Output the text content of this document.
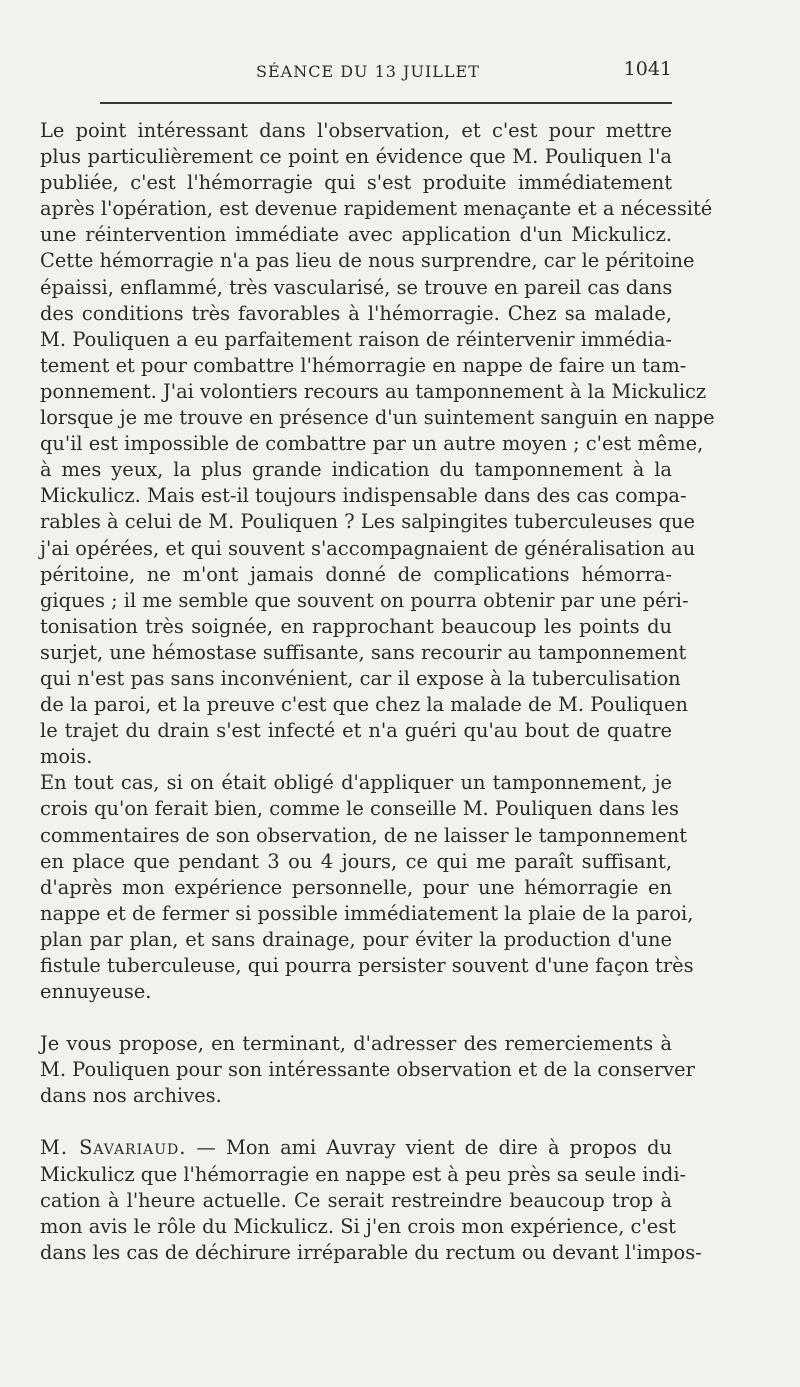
SÉANCE DU 13 JUILLET	1041

Le point intéressant dans l'observation, et c'est pour mettre
plus particulièrement ce point en évidence que M. Pouliquen l'a
publiée, c'est l'hémorragie qui s'est produite immédiatement
après l'opération, est devenue rapidement menaçante et a nécessité
une réintervention immédiate avec application d'un Mickulicz.
Cette hémorragie n'a pas lieu de nous surprendre, car le péritoine
épaissi, enflammé, très vascularisé, se trouve en pareil cas dans
des conditions très favorables à l'hémorragie. Chez sa malade,
M. Pouliquen a eu parfaitement raison de réintervenir immédia-
tement et pour combattre l'hémorragie en nappe de faire un tam-
ponnement. J'ai volontiers recours au tamponnement à la Mickulicz
lorsque je me trouve en présence d'un suintement sanguin en nappe
qu'il est impossible de combattre par un autre moyen ; c'est même,
à mes yeux, la plus grande indication du tamponnement à la
Mickulicz. Mais est-il toujours indispensable dans des cas compa-
rables à celui de M. Pouliquen ? Les salpingites tuberculeuses que
j'ai opérées, et qui souvent s'accompagnaient de généralisation au
péritoine, ne m'ont jamais donné de complications hémorra-
giques ; il me semble que souvent on pourra obtenir par une péri-
tonisation très soignée, en rapprochant beaucoup les points du
surjet, une hémostase suffisante, sans recourir au tamponnement
qui n'est pas sans inconvénient, car il expose à la tuberculisation
de la paroi, et la preuve c'est que chez la malade de M. Pouliquen
le trajet du drain s'est infecté et n'a guéri qu'au bout de quatre
mois.

En tout cas, si on était obligé d'appliquer un tamponnement, je
crois qu'on ferait bien, comme le conseille M. Pouliquen dans les
commentaires de son observation, de ne laisser le tamponnement
en place que pendant 3 ou 4 jours, ce qui me paraît suffisant,
d'après mon expérience personnelle, pour une hémorragie en
nappe et de fermer si possible immédiatement la plaie de la paroi,
plan par plan, et sans drainage, pour éviter la production d'une
fistule tuberculeuse, qui pourra persister souvent d'une façon très
ennuyeuse.

Je vous propose, en terminant, d'adresser des remerciements à
M. Pouliquen pour son intéressante observation et de la conserver
dans nos archives.

M. Savariaud. — Mon ami Auvray vient de dire à propos du
Mickulicz que l'hémorragie en nappe est à peu près sa seule indi-
cation à l'heure actuelle. Ce serait restreindre beaucoup trop à
mon avis le rôle du Mickulicz. Si j'en crois mon expérience, c'est
dans les cas de déchirure irréparable du rectum ou devant l'impos-
